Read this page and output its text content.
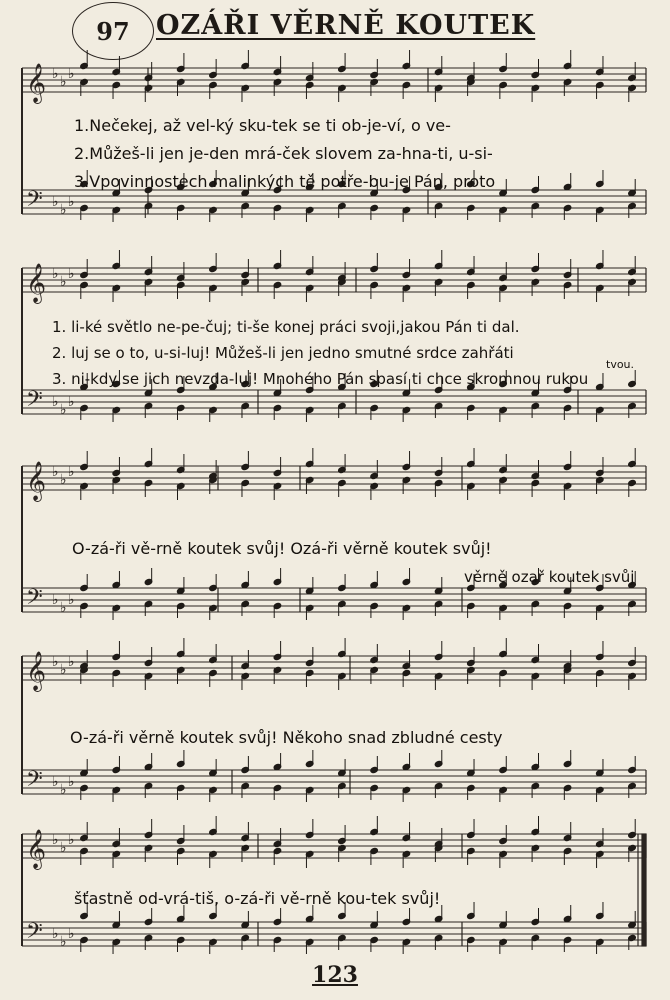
97 OZÁŘI VĚRNĚ KOUTEK
𝄞
𝄢
♭
♭
♭
♭
♭
♭
𝄞
𝄢
♭
♭
♭
♭
♭
♭
𝄞
𝄢
♭
♭
♭
♭
♭
♭
𝄞
𝄢
♭
♭
♭
♭
♭
♭
𝄞
𝄢
♭
♭
♭
♭
♭
♭
1.Nečekej, až vel-ký sku-tek se ti ob-je-ví, o ve-
2.Můžeš-li jen je-den mrá-ček slovem za-hna-ti, u-si-
3.Vpovinnostech malinkých tě potře-bu-je Pán, proto
1. li-ké světlo ne-pe-čuj; ti-še konej práci svoji,jakou Pán ti dal.
2. luj se o to, u-si-luj! Můžeš-li jen jedno smutné srdce zahřáti
tvou.
3. ni-kdy se jich nevzda-luj! Mnohého Pán spasí ti chce skromnou rukou
O-zá-ři vě-rně koutek svůj! Ozá-ři věrně koutek svůj!
věrně ozař koutek svůj
O-zá-ři věrně koutek svůj! Někoho snad zbludné cesty
šťastně od-vrá-tiš, o-zá-ři vě-rně kou-tek svůj!
123
